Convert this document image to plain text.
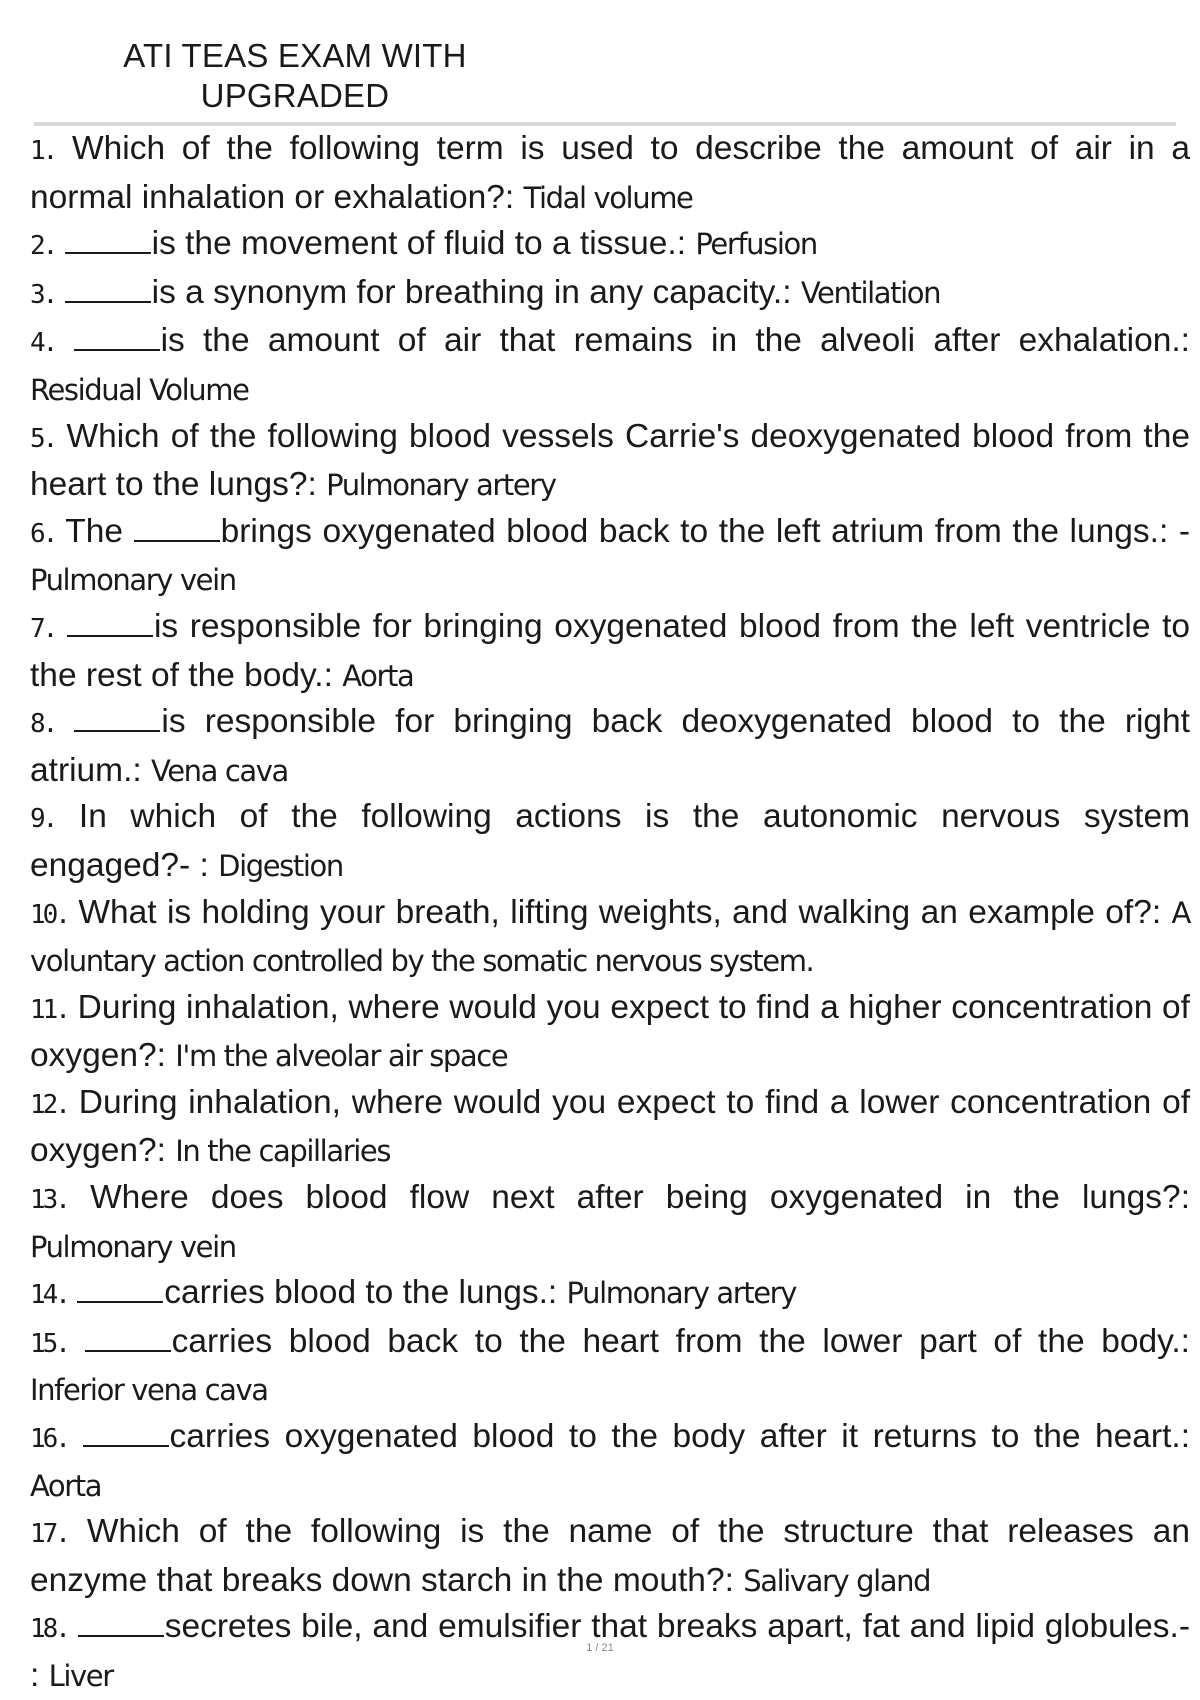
ATI TEAS EXAM WITH
UPGRADED

1. Which of the following term is used to describe the amount of air in a normal inhalation or exhalation?: Tidal volume

2.	is the movement of fluid to a tissue.: Perfusion

3.	is a synonym for breathing in any capacity.: Ventilation

4.	is the amount of air that remains in the alveoli after exhalation.: Residual Volume

5. Which of the following blood vessels Carrie's deoxygenated blood from the heart to the lungs?: Pulmonary artery

6. The	brings oxygenated blood back to the left atrium from the lungs.: - Pulmonary vein

7.	is responsible for bringing oxygenated blood from the left ventricle to the rest of the body.: Aorta

8.	is responsible for bringing back deoxygenated blood to the right atrium.: Vena cava

9. In which of the following actions is the autonomic nervous system engaged?- : Digestion

10. What is holding your breath, lifting weights, and walking an example of?: A voluntary action controlled by the somatic nervous system.

11. During inhalation, where would you expect to find a higher concentration of oxygen?: I'm the alveolar air space

12. During inhalation, where would you expect to find a lower concentration of oxygen?: In the capillaries

13. Where does blood flow next after being oxygenated in the lungs?: Pulmonary vein

14.	carries blood to the lungs.: Pulmonary artery

15.	carries blood back to the heart from the lower part of the body.: Inferior vena cava

16.	carries oxygenated blood to the body after it returns to the heart.: Aorta

17. Which of the following is the name of the structure that releases an enzyme that breaks down starch in the mouth?: Salivary gland

18.	secretes bile, and emulsifier that breaks apart, fat and lipid globules.- : Liver

1 / 21
